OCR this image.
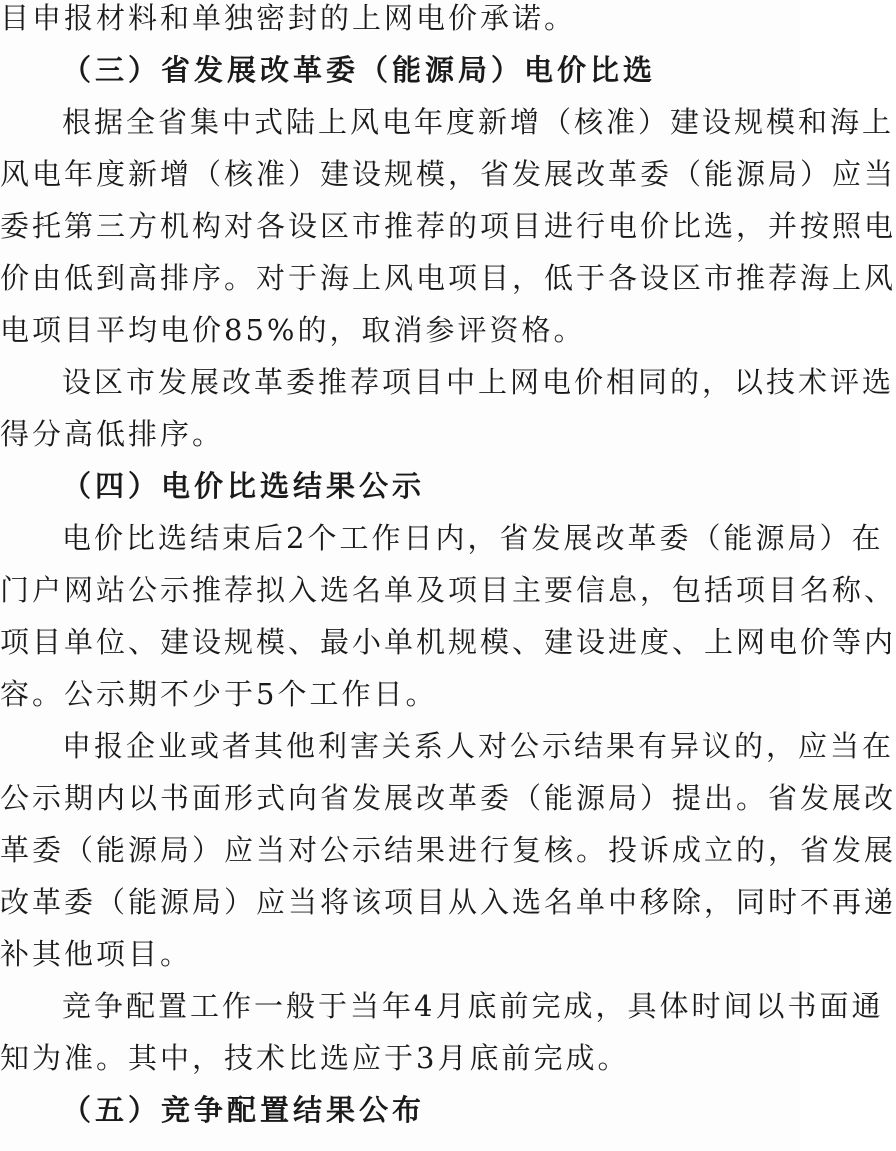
目申报材料和单独密封的上网电价承诺。
（三）省发展改革委（能源局）电价比选
根据全省集中式陆上风电年度新增（核准）建设规模和海上
风电年度新增（核准）建设规模，省发展改革委（能源局）应当
委托第三方机构对各设区市推荐的项目进行电价比选，并按照电
价由低到高排序。对于海上风电项目，低于各设区市推荐海上风
电项目平均电价85%的，取消参评资格。
设区市发展改革委推荐项目中上网电价相同的，以技术评选
得分高低排序。
（四）电价比选结果公示
电价比选结束后2个工作日内，省发展改革委（能源局）在
门户网站公示推荐拟入选名单及项目主要信息，包括项目名称、
项目单位、建设规模、最小单机规模、建设进度、上网电价等内
容。公示期不少于5个工作日。
申报企业或者其他利害关系人对公示结果有异议的，应当在
公示期内以书面形式向省发展改革委（能源局）提出。省发展改
革委（能源局）应当对公示结果进行复核。投诉成立的，省发展
改革委（能源局）应当将该项目从入选名单中移除，同时不再递
补其他项目。
竞争配置工作一般于当年4月底前完成，具体时间以书面通
知为准。其中，技术比选应于3月底前完成。
（五）竞争配置结果公布
